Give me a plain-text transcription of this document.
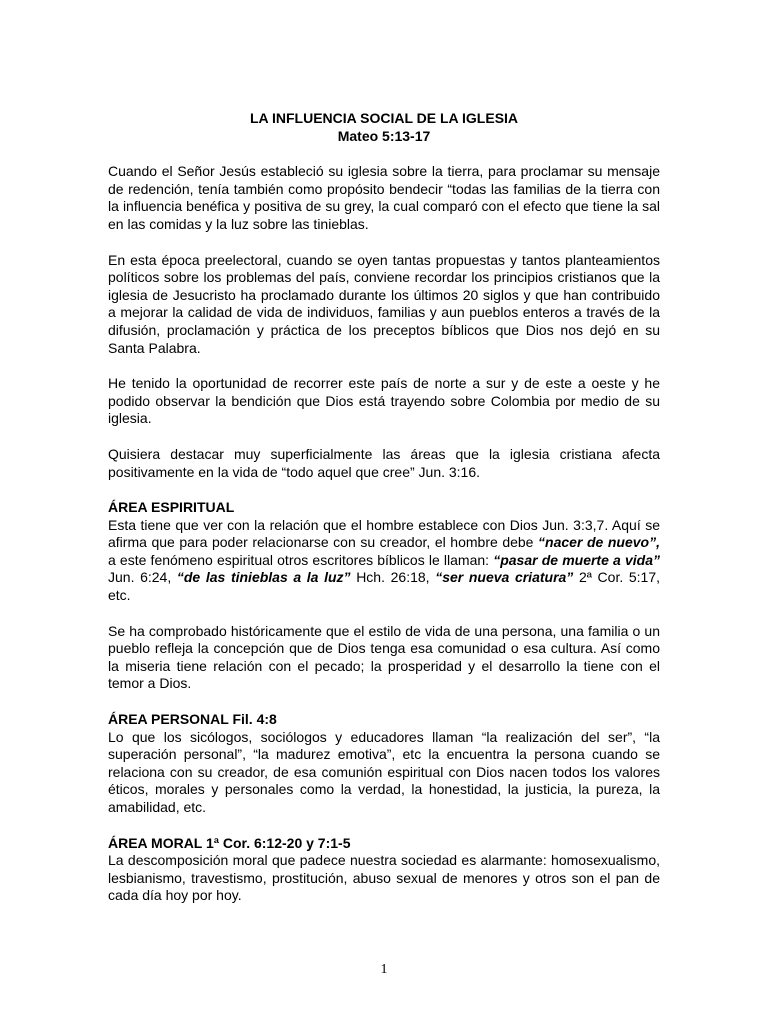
LA INFLUENCIA SOCIAL DE LA IGLESIA
Mateo 5:13-17

Cuando el Señor Jesús estableció su iglesia sobre la tierra, para proclamar su mensaje de redención, tenía también como propósito bendecir “todas las familias de la tierra con la influencia benéfica y positiva de su grey, la cual comparó con el efecto que tiene la sal en las comidas y la luz sobre las tinieblas.

En esta época preelectoral, cuando se oyen tantas propuestas y tantos planteamientos políticos sobre los problemas del país, conviene recordar los principios cristianos que la iglesia de Jesucristo ha proclamado durante los últimos 20 siglos y que han contribuido a mejorar la calidad de vida de individuos, familias y aun pueblos enteros a través de la difusión, proclamación y práctica de los preceptos bíblicos que Dios nos dejó en su Santa Palabra.

He tenido la oportunidad de recorrer este país de norte a sur y de este a oeste y he podido observar la bendición que Dios está trayendo sobre Colombia por medio de su iglesia.

Quisiera destacar muy superficialmente las áreas que la iglesia cristiana afecta positivamente en la vida de “todo aquel que cree” Jun. 3:16.

ÁREA ESPIRITUAL

Esta tiene que ver con la relación que el hombre establece con Dios Jun. 3:3,7. Aquí se afirma que para poder relacionarse con su creador, el hombre debe “nacer de nuevo”, a este fenómeno espiritual otros escritores bíblicos le llaman: “pasar de muerte a vida” Jun. 6:24, “de las tinieblas a la luz” Hch. 26:18, “ser nueva criatura” 2ª Cor. 5:17, etc.

Se ha comprobado históricamente que el estilo de vida de una persona, una familia o un pueblo refleja la concepción que de Dios tenga esa comunidad o esa cultura. Así como la miseria tiene relación con el pecado; la prosperidad y el desarrollo la tiene con el temor a Dios.

ÁREA PERSONAL Fil. 4:8

Lo que los sicólogos, sociólogos y educadores llaman “la realización del ser”, “la superación personal”, “la madurez emotiva”, etc la encuentra la persona cuando se relaciona con su creador, de esa comunión espiritual con Dios nacen todos los valores éticos, morales y personales como la verdad, la honestidad, la justicia, la pureza, la amabilidad, etc.

ÁREA MORAL 1ª Cor. 6:12-20 y 7:1-5

La descomposición moral que padece nuestra sociedad es alarmante: homosexualismo, lesbianismo, travestismo, prostitución, abuso sexual de menores y otros son el pan de cada día hoy por hoy.

1
